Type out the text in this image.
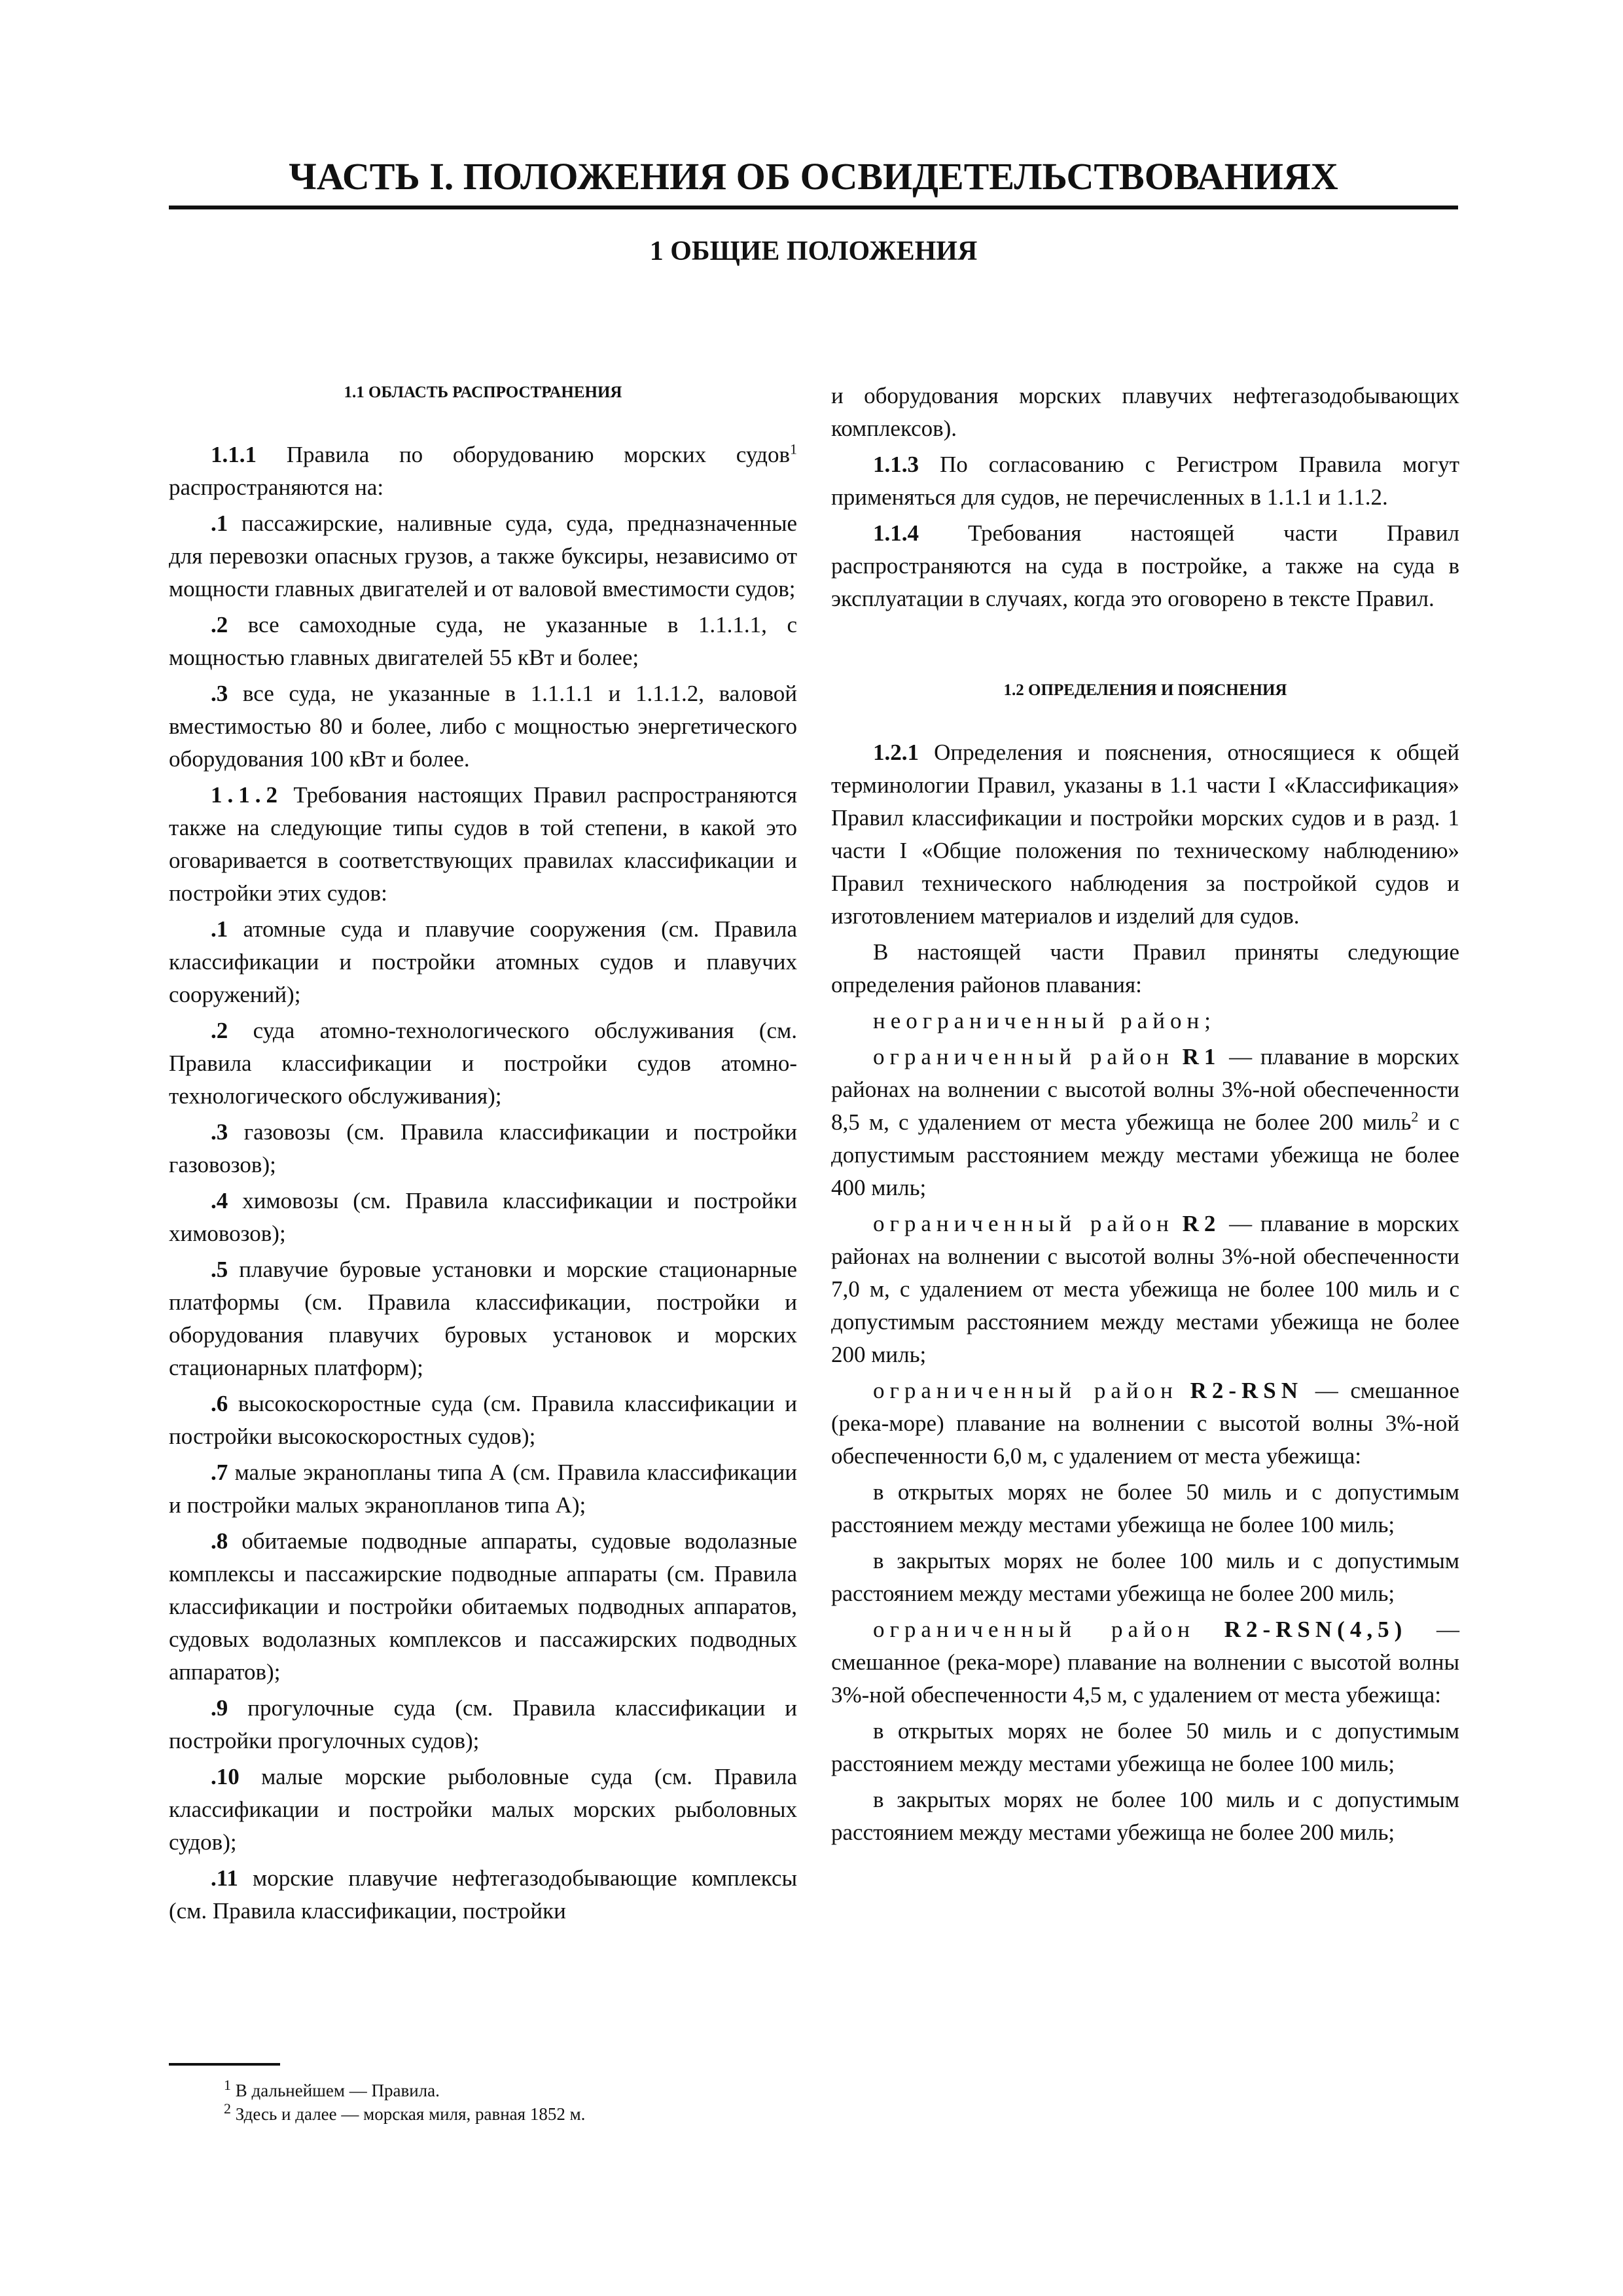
ЧАСТЬ I. ПОЛОЖЕНИЯ ОБ ОСВИДЕТЕЛЬСТВОВАНИЯХ
1 ОБЩИЕ ПОЛОЖЕНИЯ
1.1 ОБЛАСТЬ РАСПРОСТРАНЕНИЯ

1.1.1 Правила по оборудованию морских судов$^1$ распространяются на:

.1 пассажирские, наливные суда, суда, предназначенные для перевозки опасных грузов, а также буксиры, независимо от мощности главных двигателей и от валовой вместимости судов;

.2 все самоходные суда, не указанные в 1.1.1.1, с мощностью главных двигателей 55 кВт и более;

.3 все суда, не указанные в 1.1.1.1 и 1.1.1.2, валовой вместимостью 80 и более, либо с мощностью энергетического оборудования 100 кВт и более.

1.1.2 Требования настоящих Правил распространяются также на следующие типы судов в той степени, в какой это оговаривается в соответствующих правилах классификации и постройки этих судов:

.1 атомные суда и плавучие сооружения (см. Правила классификации и постройки атомных судов и плавучих сооружений);

.2 суда атомно-технологического обслуживания (см. Правила классификации и постройки судов атомно-технологического обслуживания);

.3 газовозы (см. Правила классификации и постройки газовозов);

.4 химовозы (см. Правила классификации и постройки химовозов);

.5 плавучие буровые установки и морские стационарные платформы (см. Правила классификации, постройки и оборудования плавучих буровых установок и морских стационарных платформ);

.6 высокоскоростные суда (см. Правила классификации и постройки высокоскоростных судов);

.7 малые экранопланы типа А (см. Правила классификации и постройки малых экранопланов типа А);

.8 обитаемые подводные аппараты, судовые водолазные комплексы и пассажирские подводные аппараты (см. Правила классификации и постройки обитаемых подводных аппаратов, судовых водолазных комплексов и пассажирских подводных аппаратов);

.9 прогулочные суда (см. Правила классификации и постройки прогулочных судов);

.10 малые морские рыболовные суда (см. Правила классификации и постройки малых морских рыболовных судов);

.11 морские плавучие нефтегазодобывающие комплексы (см. Правила классификации, постройки

и оборудования морских плавучих нефтегазодобывающих комплексов).

1.1.3 По согласованию с Регистром Правила могут применяться для судов, не перечисленных в 1.1.1 и 1.1.2.

1.1.4 Требования настоящей части Правил распространяются на суда в постройке, а также на суда в эксплуатации в случаях, когда это оговорено в тексте Правил.

1.2 ОПРЕДЕЛЕНИЯ И ПОЯСНЕНИЯ

1.2.1 Определения и пояснения, относящиеся к общей терминологии Правил, указаны в 1.1 части I «Классификация» Правил классификации и постройки морских судов и в разд. 1 части I «Общие положения по техническому наблюдению» Правил технического наблюдения за постройкой судов и изготовлением материалов и изделий для судов.

В настоящей части Правил приняты следующие определения районов плавания:

неограниченный район;

ограниченный район R1 — плавание в морских районах на волнении с высотой волны 3%-ной обеспеченности 8,5 м, с удалением от места убежища не более 200 миль$^2$ и с допустимым расстоянием между местами убежища не более 400 миль;

ограниченный район R2 — плавание в морских районах на волнении с высотой волны 3%-ной обеспеченности 7,0 м, с удалением от места убежища не более 100 миль и с допустимым расстоянием между местами убежища не более 200 миль;

ограниченный район R2-RSN — смешанное (река-море) плавание на волнении с высотой волны 3%-ной обеспеченности 6,0 м, с удалением от места убежища:

в открытых морях не более 50 миль и с допустимым расстоянием между местами убежища не более 100 миль;

в закрытых морях не более 100 миль и с допустимым расстоянием между местами убежища не более 200 миль;

ограниченный район R2-RSN(4,5) — смешанное (река-море) плавание на волнении с высотой волны 3%-ной обеспеченности 4,5 м, с удалением от места убежища:

в открытых морях не более 50 миль и с допустимым расстоянием между местами убежища не более 100 миль;

в закрытых морях не более 100 миль и с допустимым расстоянием между местами убежища не более 200 миль;

$^1$ В дальнейшем — Правила.
$^2$ Здесь и далее — морская миля, равная 1852 м.
